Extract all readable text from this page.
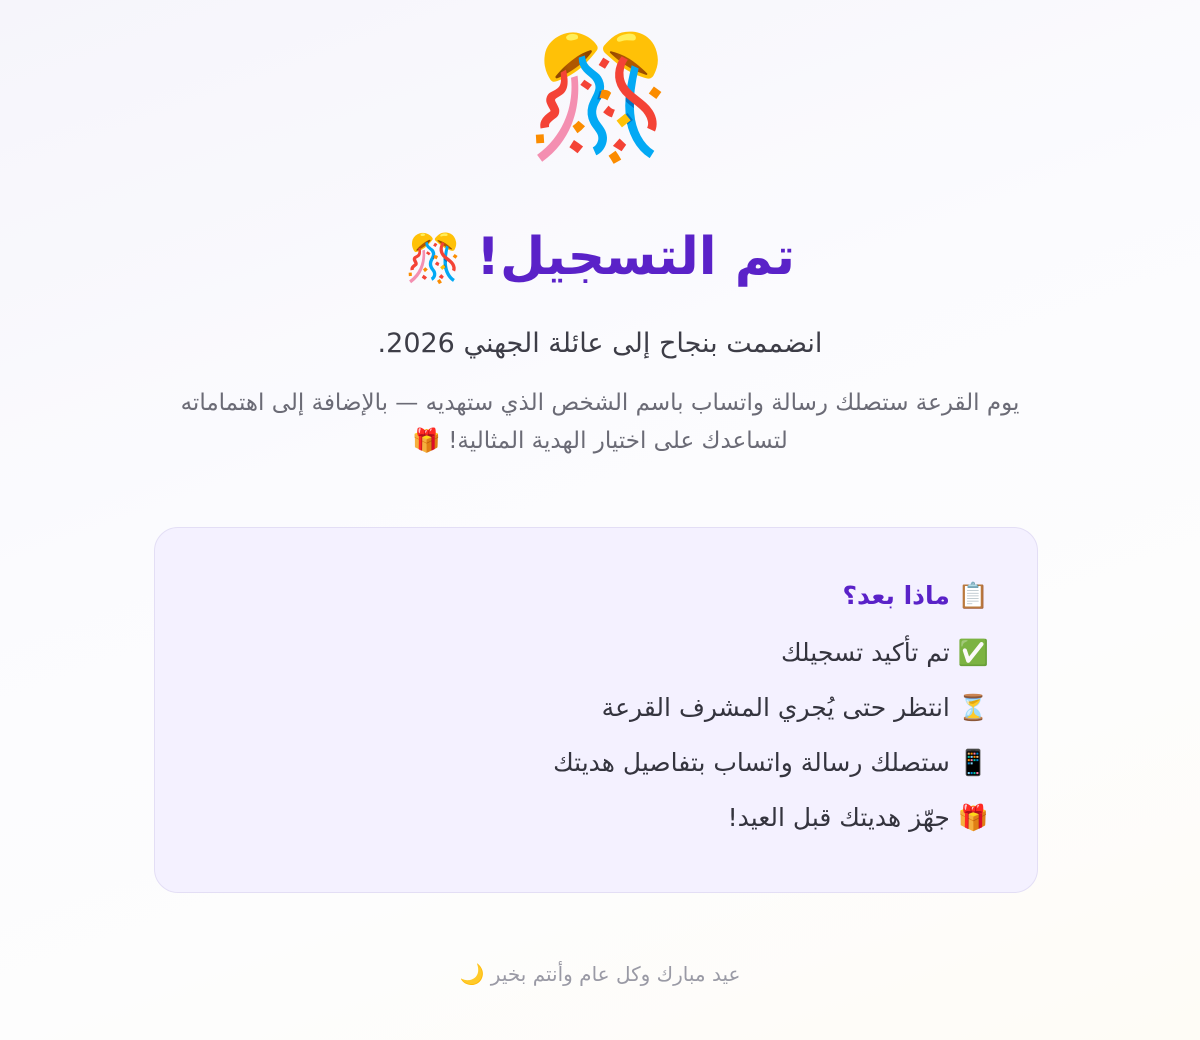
🎊
تم التسجيل!🎊
انضممت بنجاح إلى عائلة الجهني 2026.
يوم القرعة ستصلك رسالة واتساب باسم الشخص الذي ستهديه — بالإضافة إلى اهتماماته لتساعدك على اختيار الهدية المثالية! 🎁
📋ماذا بعد؟
✅تم تأكيد تسجيلك
⏳انتظر حتى يُجري المشرف القرعة
📱ستصلك رسالة واتساب بتفاصيل هديتك
🎁جهّز هديتك قبل العيد!
عيد مبارك وكل عام وأنتم بخير 🌙
